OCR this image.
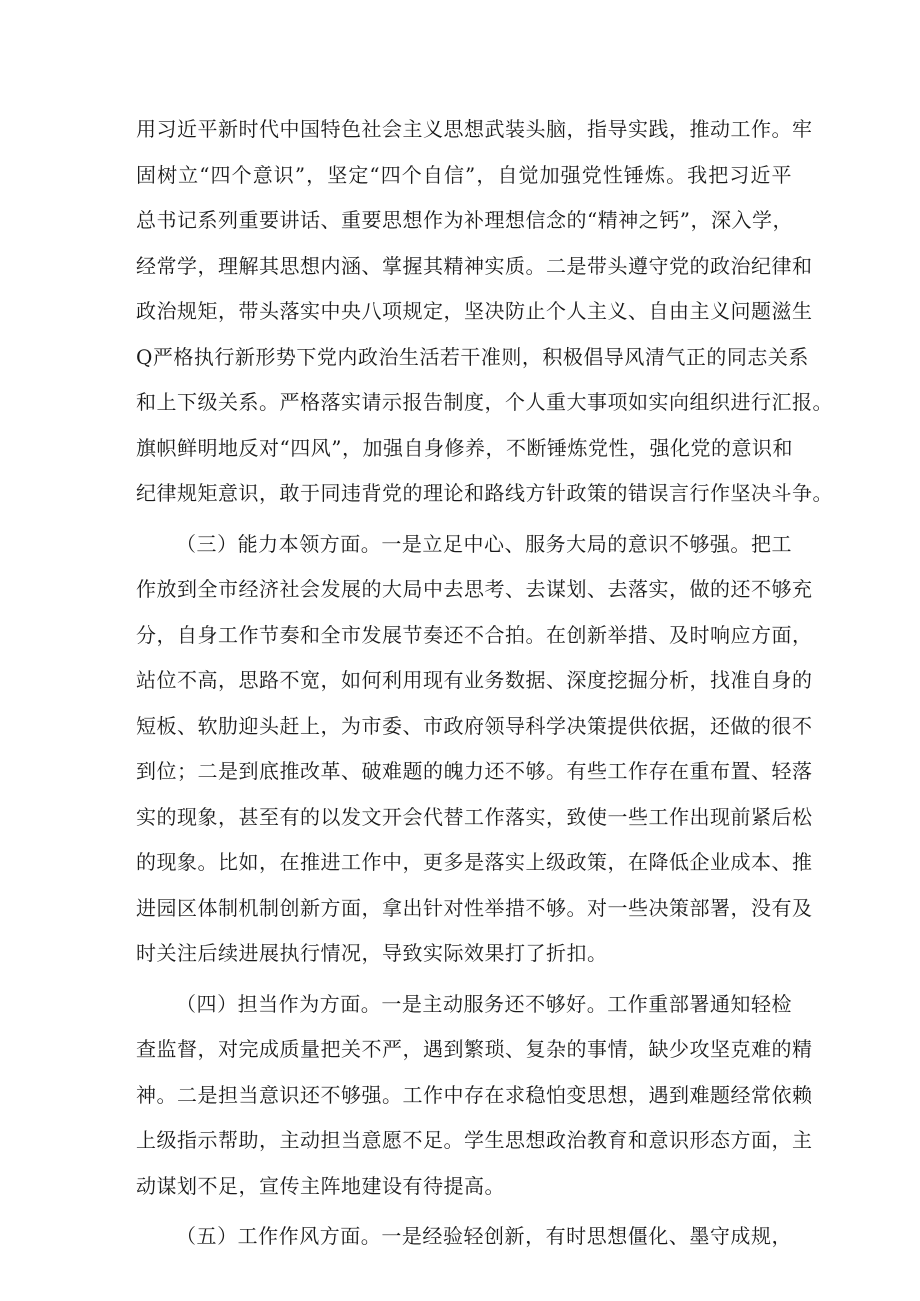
用习近平新时代中国特色社会主义思想武装头脑，指导实践，推动工作。牢
固树立“四个意识”，坚定“四个自信”，自觉加强党性锤炼。我把习近平
总书记系列重要讲话、重要思想作为补理想信念的“精神之钙”，深入学，
经常学，理解其思想内涵、掌握其精神实质。二是带头遵守党的政治纪律和
政治规矩，带头落实中央八项规定，坚决防止个人主义、自由主义问题滋生
Q严格执行新形势下党内政治生活若干准则，积极倡导风清气正的同志关系
和上下级关系。严格落实请示报告制度，个人重大事项如实向组织进行汇报。
旗帜鲜明地反对“四风”，加强自身修养，不断锤炼党性，强化党的意识和
纪律规矩意识，敢于同违背党的理论和路线方针政策的错误言行作坚决斗争。
（三）能力本领方面。一是立足中心、服务大局的意识不够强。把工
作放到全市经济社会发展的大局中去思考、去谋划、去落实，做的还不够充
分，自身工作节奏和全市发展节奏还不合拍。在创新举措、及时响应方面，
站位不高，思路不宽，如何利用现有业务数据、深度挖掘分析，找准自身的
短板、软肋迎头赶上，为市委、市政府领导科学决策提供依据，还做的很不
到位；二是到底推改革、破难题的魄力还不够。有些工作存在重布置、轻落
实的现象，甚至有的以发文开会代替工作落实，致使一些工作出现前紧后松
的现象。比如，在推进工作中，更多是落实上级政策，在降低企业成本、推
进园区体制机制创新方面，拿出针对性举措不够。对一些决策部署，没有及
时关注后续进展执行情况，导致实际效果打了折扣。
（四）担当作为方面。一是主动服务还不够好。工作重部署通知轻检
查监督，对完成质量把关不严，遇到繁琐、复杂的事情，缺少攻坚克难的精
神。二是担当意识还不够强。工作中存在求稳怕变思想，遇到难题经常依赖
上级指示帮助，主动担当意愿不足。学生思想政治教育和意识形态方面，主
动谋划不足，宣传主阵地建设有待提高。
（五）工作作风方面。一是经验轻创新，有时思想僵化、墨守成规，
